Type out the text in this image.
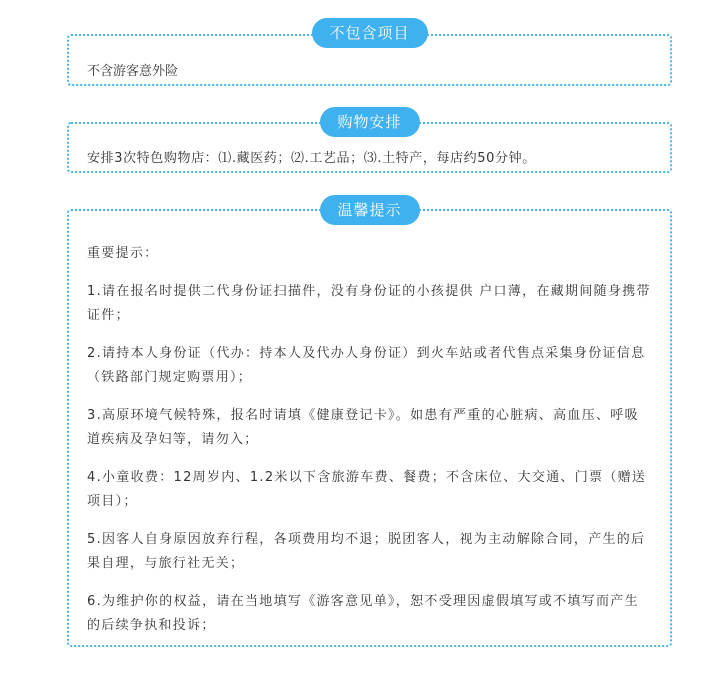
不包含项目
不含游客意外险
购物安排
安排3次特色购物店：⑴.藏医药；⑵.工艺品；⑶.土特产，每店约50分钟。
温馨提示
重要提示：
1.请在报名时提供二代身份证扫描件，没有身份证的小孩提供 户口薄，在藏期间随身携带证件；
2.请持本人身份证（代办：持本人及代办人身份证）到火车站或者代售点采集身份证信息（铁路部门规定购票用）；
3.高原环境气候特殊，报名时请填《健康登记卡》。如患有严重的心脏病、高血压、呼吸道疾病及孕妇等，请勿入；
4.小童收费：12周岁内、1.2米以下含旅游车费、餐费；不含床位、大交通、门票（赠送项目）；
5.因客人自身原因放弃行程，各项费用均不退；脱团客人，视为主动解除合同，产生的后果自理，与旅行社无关；
6.为维护你的权益，请在当地填写《游客意见单》，恕不受理因虚假填写或不填写而产生的后续争执和投诉；
